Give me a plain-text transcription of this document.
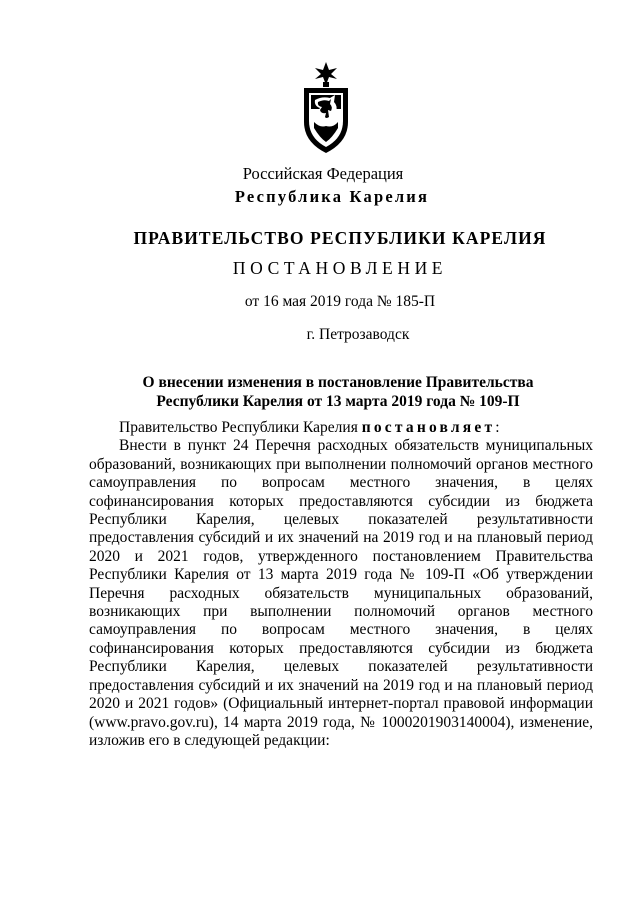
Российская Федерация
Республика Карелия
ПРАВИТЕЛЬСТВО РЕСПУБЛИКИ КАРЕЛИЯ
ПОСТАНОВЛЕНИЕ
от 16 мая 2019 года № 185-П
г. Петрозаводск
О внесении изменения в постановление Правительства
Республики Карелия от 13 марта 2019 года № 109-П

Правительство Республики Карелия постановляет:

Внести в пункт 24 Перечня расходных обязательств муниципальных образований, возникающих при выполнении полномочий органов местного самоуправления по вопросам местного значения, в целях софинансирования которых предоставляются субсидии из бюджета Республики Карелия, целевых показателей результативности предоставления субсидий и их значений на 2019 год и на плановый период 2020 и 2021 годов, утвержденного постановлением Правительства Республики Карелия от 13 марта 2019 года № 109-П «Об утверждении Перечня расходных обязательств муниципальных образований, возникающих при выполнении полномочий органов местного самоуправления по вопросам местного значения, в целях софинансирования которых предоставляются субсидии из бюджета Республики Карелия, целевых показателей результативности предоставления субсидий и их значений на 2019 год и на плановый период 2020 и 2021 годов» (Официальный интернет-портал правовой информации (www.pravo.gov.ru), 14 марта 2019 года, № 1000201903140004), изменение, изложив его в следующей редакции:
